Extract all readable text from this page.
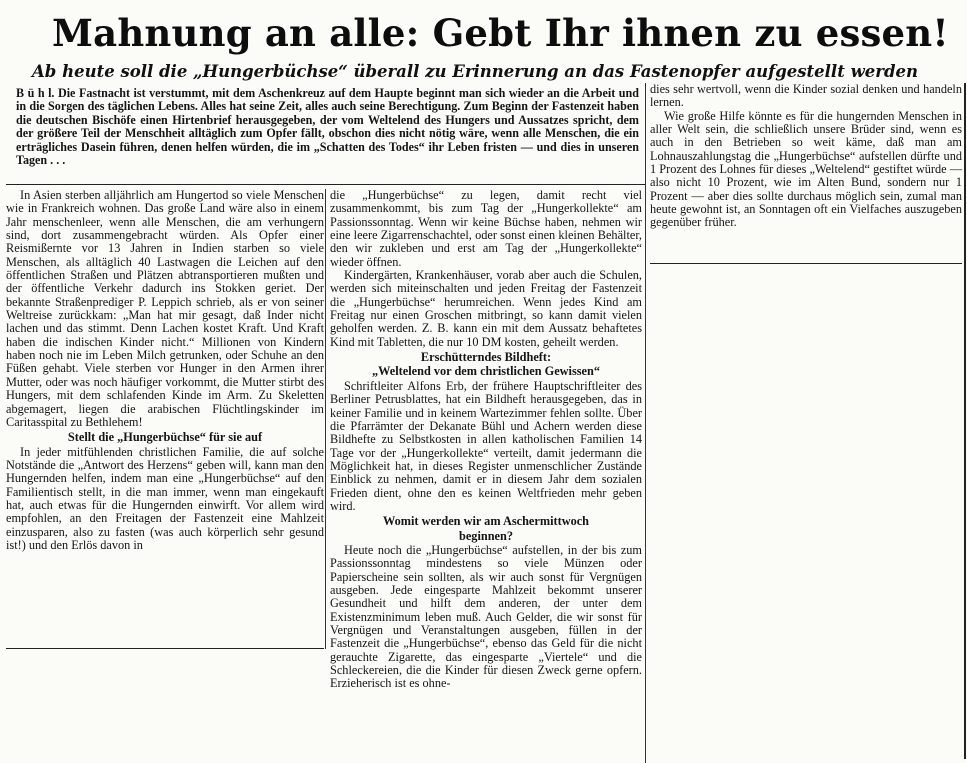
Mahnung an alle: Gebt Ihr ihnen zu essen!
Ab heute soll die „Hungerbüchse“ überall zu Erinnerung an das Fastenopfer aufgestellt werden

B ü h l. Die Fastnacht ist verstummt, mit dem Aschenkreuz auf dem Haupte beginnt man sich wieder an die Arbeit und in die Sorgen des täglichen Lebens. Alles hat seine Zeit, alles auch seine Berechtigung. Zum Beginn der Fastenzeit haben die deutschen Bischöfe einen Hirtenbrief herausgegeben, der vom Weltelend des Hungers und Aussatzes spricht, dem der größere Teil der Menschheit alltäglich zum Opfer fällt, obschon dies nicht nötig wäre, wenn alle Menschen, die ein erträgliches Dasein führen, denen helfen würden, die im „Schatten des Todes“ ihr Leben fristen — und dies in unseren Tagen . . .

In Asien sterben alljährlich am Hungertod so viele Menschen wie in Frankreich wohnen. Das große Land wäre also in einem Jahr menschenleer, wenn alle Menschen, die am verhungern sind, dort zusammengebracht würden. Als Opfer einer Reismißernte vor 13 Jahren in Indien starben so viele Menschen, als alltäglich 40 Lastwagen die Leichen auf den öffentlichen Straßen und Plätzen abtransportieren mußten und der öffentliche Verkehr dadurch ins Stokken geriet. Der bekannte Straßenprediger P. Leppich schrieb, als er von seiner Weltreise zurückkam: „Man hat mir gesagt, daß Inder nicht lachen und das stimmt. Denn Lachen kostet Kraft. Und Kraft haben die indischen Kinder nicht.“ Millionen von Kindern haben noch nie im Leben Milch getrunken, oder Schuhe an den Füßen gehabt. Viele sterben vor Hunger in den Armen ihrer Mutter, oder was noch häufiger vorkommt, die Mutter stirbt des Hungers, mit dem schlafenden Kinde im Arm. Zu Skeletten abgemagert, liegen die arabischen Flüchtlingskinder im Caritasspital zu Bethlehem!

Stellt die „Hungerbüchse“ für sie auf

In jeder mitfühlenden christlichen Familie, die auf solche Notstände die „Antwort des Herzens“ geben will, kann man den Hungernden helfen, indem man eine „Hungerbüchse“ auf den Familientisch stellt, in die man immer, wenn man eingekauft hat, auch etwas für die Hungernden einwirft. Vor allem wird empfohlen, an den Freitagen der Fastenzeit eine Mahlzeit einzusparen, also zu fasten (was auch körperlich sehr gesund ist!) und den Erlös davon in

die „Hungerbüchse“ zu legen, damit recht viel zusammenkommt, bis zum Tag der „Hungerkollekte“ am Passionssonntag. Wenn wir keine Büchse haben, nehmen wir eine leere Zigarrenschachtel, oder sonst einen kleinen Behälter, den wir zukleben und erst am Tag der „Hungerkollekte“ wieder öffnen.

Kindergärten, Krankenhäuser, vorab aber auch die Schulen, werden sich miteinschalten und jeden Freitag der Fastenzeit die „Hungerbüchse“ herumreichen. Wenn jedes Kind am Freitag nur einen Groschen mitbringt, so kann damit vielen geholfen werden. Z. B. kann ein mit dem Aussatz behaftetes Kind mit Tabletten, die nur 10 DM kosten, geheilt werden.

Erschütterndes Bildheft:
„Weltelend vor dem christlichen Gewissen“

Schriftleiter Alfons Erb, der frühere Hauptschriftleiter des Berliner Petrusblattes, hat ein Bildheft herausgegeben, das in keiner Familie und in keinem Wartezimmer fehlen sollte. Über die Pfarrämter der Dekanate Bühl und Achern werden diese Bildhefte zu Selbstkosten in allen katholischen Familien 14 Tage vor der „Hungerkollekte“ verteilt, damit jedermann die Möglichkeit hat, in dieses Register unmenschlicher Zustände Einblick zu nehmen, damit er in diesem Jahr dem sozialen Frieden dient, ohne den es keinen Weltfrieden mehr geben wird.

Womit werden wir am Aschermittwoch
beginnen?

Heute noch die „Hungerbüchse“ aufstellen, in der bis zum Passionssonntag mindestens so viele Münzen oder Papierscheine sein sollten, als wir auch sonst für Vergnügen ausgeben. Jede eingesparte Mahlzeit bekommt unserer Gesundheit und hilft dem anderen, der unter dem Existenzminimum leben muß. Auch Gelder, die wir sonst für Vergnügen und Veranstaltungen ausgeben, füllen in der Fastenzeit die „Hungerbüchse“, ebenso das Geld für die nicht gerauchte Zigarette, das eingesparte „Viertele“ und die Schleckereien, die die Kinder für diesen Zweck gerne opfern. Erzieherisch ist es ohne-

dies sehr wertvoll, wenn die Kinder sozial denken und handeln lernen.

Wie große Hilfe könnte es für die hungernden Menschen in aller Welt sein, die schließlich unsere Brüder sind, wenn es auch in den Betrieben so weit käme, daß man am Lohnauszahlungstag die „Hungerbüchse“ aufstellen dürfte und 1 Prozent des Lohnes für dieses „Weltelend“ gestiftet würde — also nicht 10 Prozent, wie im Alten Bund, sondern nur 1 Prozent — aber dies sollte durchaus möglich sein, zumal man heute gewohnt ist, an Sonntagen oft ein Vielfaches auszugeben gegenüber früher.
